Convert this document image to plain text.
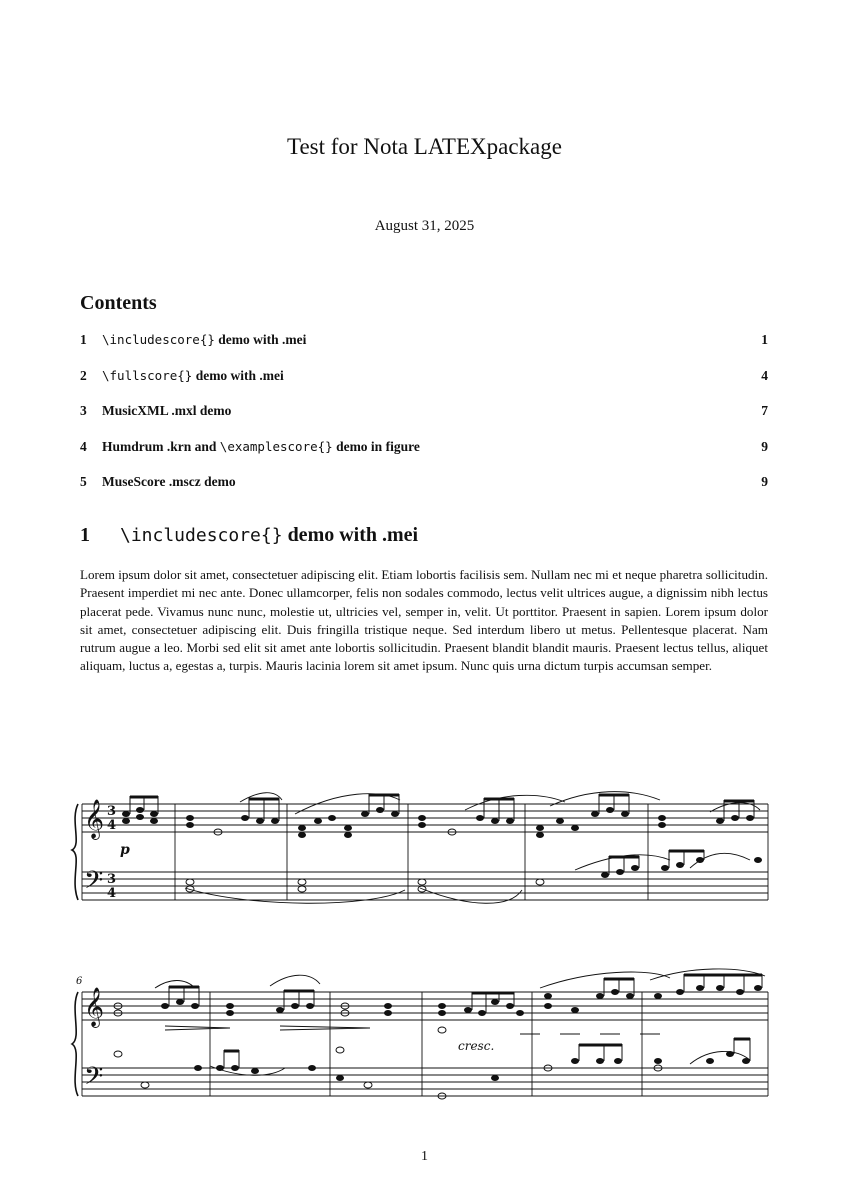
Test for Nota LATEXpackage
August 31, 2025
Contents
1 \includescore{} demo with .mei	1
2 \fullscore{} demo with .mei	4
3 MusicXML .mxl demo	7
4 Humdrum .krn and \examplescore{} demo in figure	9
5 MuseScore .mscz demo	9
1 \includescore{} demo with .mei
Lorem ipsum dolor sit amet, consectetuer adipiscing elit. Etiam lobortis facilisis sem. Nullam nec mi et neque pharetra sollicitudin. Praesent imperdiet mi nec ante. Donec ullamcorper, felis non sodales commodo, lectus velit ultrices augue, a dignissim nibh lectus placerat pede. Vivamus nunc nunc, molestie ut, ultricies vel, semper in, velit. Ut porttitor. Praesent in sapien. Lorem ipsum dolor sit amet, consectetuer adipiscing elit. Duis fringilla tristique neque. Sed interdum libero ut metus. Pellentesque placerat. Nam rutrum augue a leo. Morbi sed elit sit amet ante lobortis sollicitudin. Praesent blandit blandit mauris. Praesent lectus tellus, aliquet aliquam, luctus a, egestas a, turpis. Mauris lacinia lorem sit amet ipsum. Nunc quis urna dictum turpis accumsan semper.
𝄞
𝄢
3
4
3
4
p
6
𝄞
𝄢
cresc.
1
